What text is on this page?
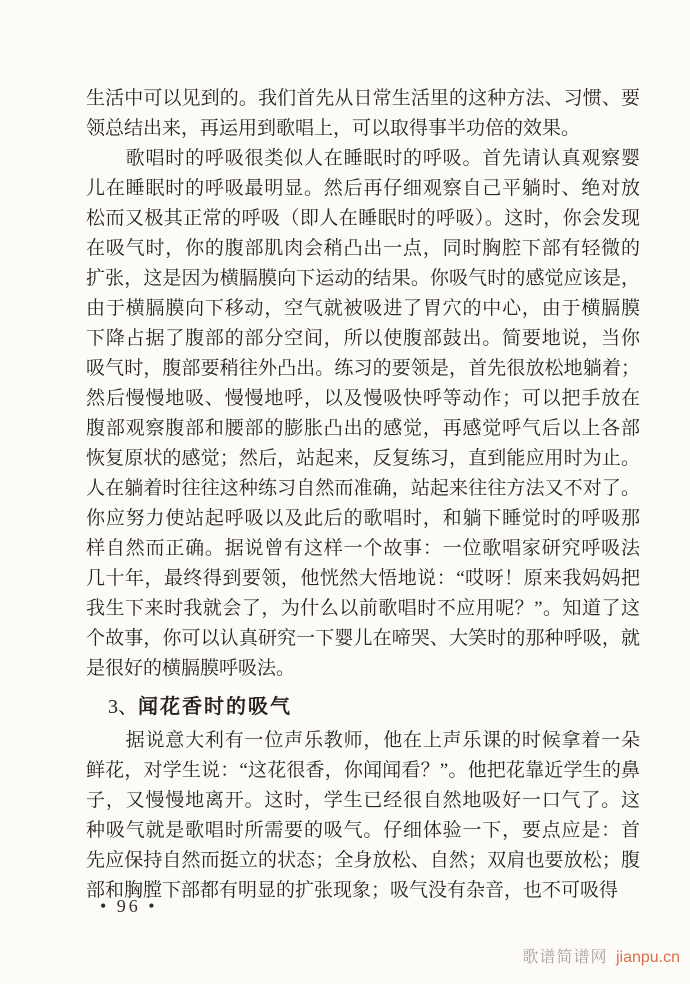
生活中可以见到的。我们首先从日常生活里的这种方法、习惯、要
领总结出来，再运用到歌唱上，可以取得事半功倍的效果。
　　歌唱时的呼吸很类似人在睡眠时的呼吸。首先请认真观察婴
儿在睡眠时的呼吸最明显。然后再仔细观察自己平躺时、绝对放
松而又极其正常的呼吸（即人在睡眠时的呼吸）。这时，你会发现
在吸气时，你的腹部肌肉会稍凸出一点，同时胸腔下部有轻微的
扩张，这是因为横膈膜向下运动的结果。你吸气时的感觉应该是，
由于横膈膜向下移动，空气就被吸进了胃穴的中心，由于横膈膜
下降占据了腹部的部分空间，所以使腹部鼓出。简要地说，当你
吸气时，腹部要稍往外凸出。练习的要领是，首先很放松地躺着；
然后慢慢地吸、慢慢地呼，以及慢吸快呼等动作；可以把手放在
腹部观察腹部和腰部的膨胀凸出的感觉，再感觉呼气后以上各部
恢复原状的感觉；然后，站起来，反复练习，直到能应用时为止。
人在躺着时往往这种练习自然而准确，站起来往往方法又不对了。
你应努力使站起呼吸以及此后的歌唱时，和躺下睡觉时的呼吸那
样自然而正确。据说曾有这样一个故事：一位歌唱家研究呼吸法
几十年，最终得到要领，他恍然大悟地说：“哎呀！原来我妈妈把
我生下来时我就会了，为什么以前歌唱时不应用呢？”。知道了这
个故事，你可以认真研究一下婴儿在啼哭、大笑时的那种呼吸，就
是很好的横膈膜呼吸法。
3、闻花香时的吸气
　　据说意大利有一位声乐教师，他在上声乐课的时候拿着一朵
鲜花，对学生说：“这花很香，你闻闻看？”。他把花靠近学生的鼻
子，又慢慢地离开。这时，学生已经很自然地吸好一口气了。这
种吸气就是歌唱时所需要的吸气。仔细体验一下，要点应是：首
先应保持自然而挺立的状态；全身放松、自然；双肩也要放松；腹
部和胸膛下部都有明显的扩张现象；吸气没有杂音，也不可吸得
• 96 •
歌谱简谱网 jianpu.cn
